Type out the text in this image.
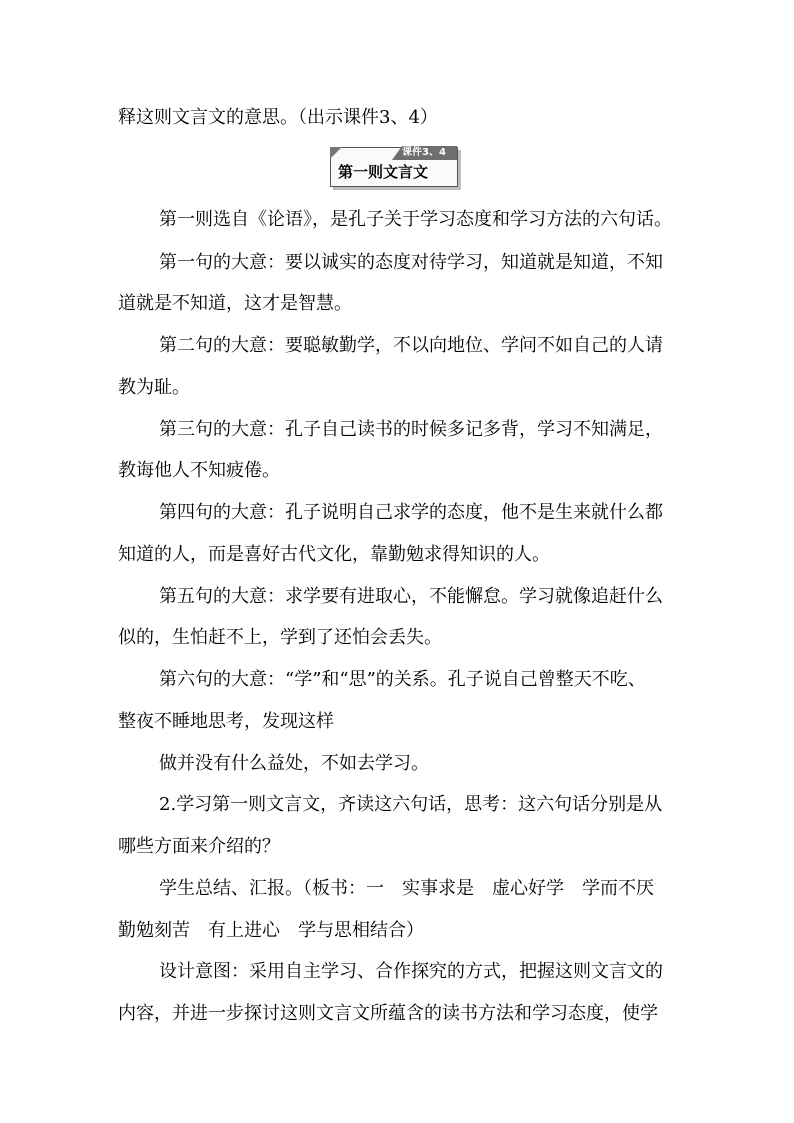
释这则文言文的意思。（出示课件3、4）
课件3、4
第一则文言文
第一则选自《论语》，是孔子关于学习态度和学习方法的六句话。
第一句的大意：要以诚实的态度对待学习，知道就是知道，不知
道就是不知道，这才是智慧。
第二句的大意：要聪敏勤学，不以向地位、学问不如自己的人请
教为耻。
第三句的大意：孔子自己读书的时候多记多背，学习不知满足，
教诲他人不知疲倦。
第四句的大意：孔子说明自己求学的态度，他不是生来就什么都
知道的人，而是喜好古代文化，靠勤勉求得知识的人。
第五句的大意：求学要有进取心，不能懈怠。学习就像追赶什么
似的，生怕赶不上，学到了还怕会丢失。
第六句的大意：“学”和“思”的关系。孔子说自己曾整天不吃、
整夜不睡地思考，发现这样
做并没有什么益处，不如去学习。
2.学习第一则文言文，齐读这六句话，思考：这六句话分别是从
哪些方面来介绍的？
学生总结、汇报。（板书：一　实事求是　虚心好学　学而不厌
勤勉刻苦　有上进心　学与思相结合）
设计意图：采用自主学习、合作探究的方式，把握这则文言文的
内容，并进一步探讨这则文言文所蕴含的读书方法和学习态度，使学
